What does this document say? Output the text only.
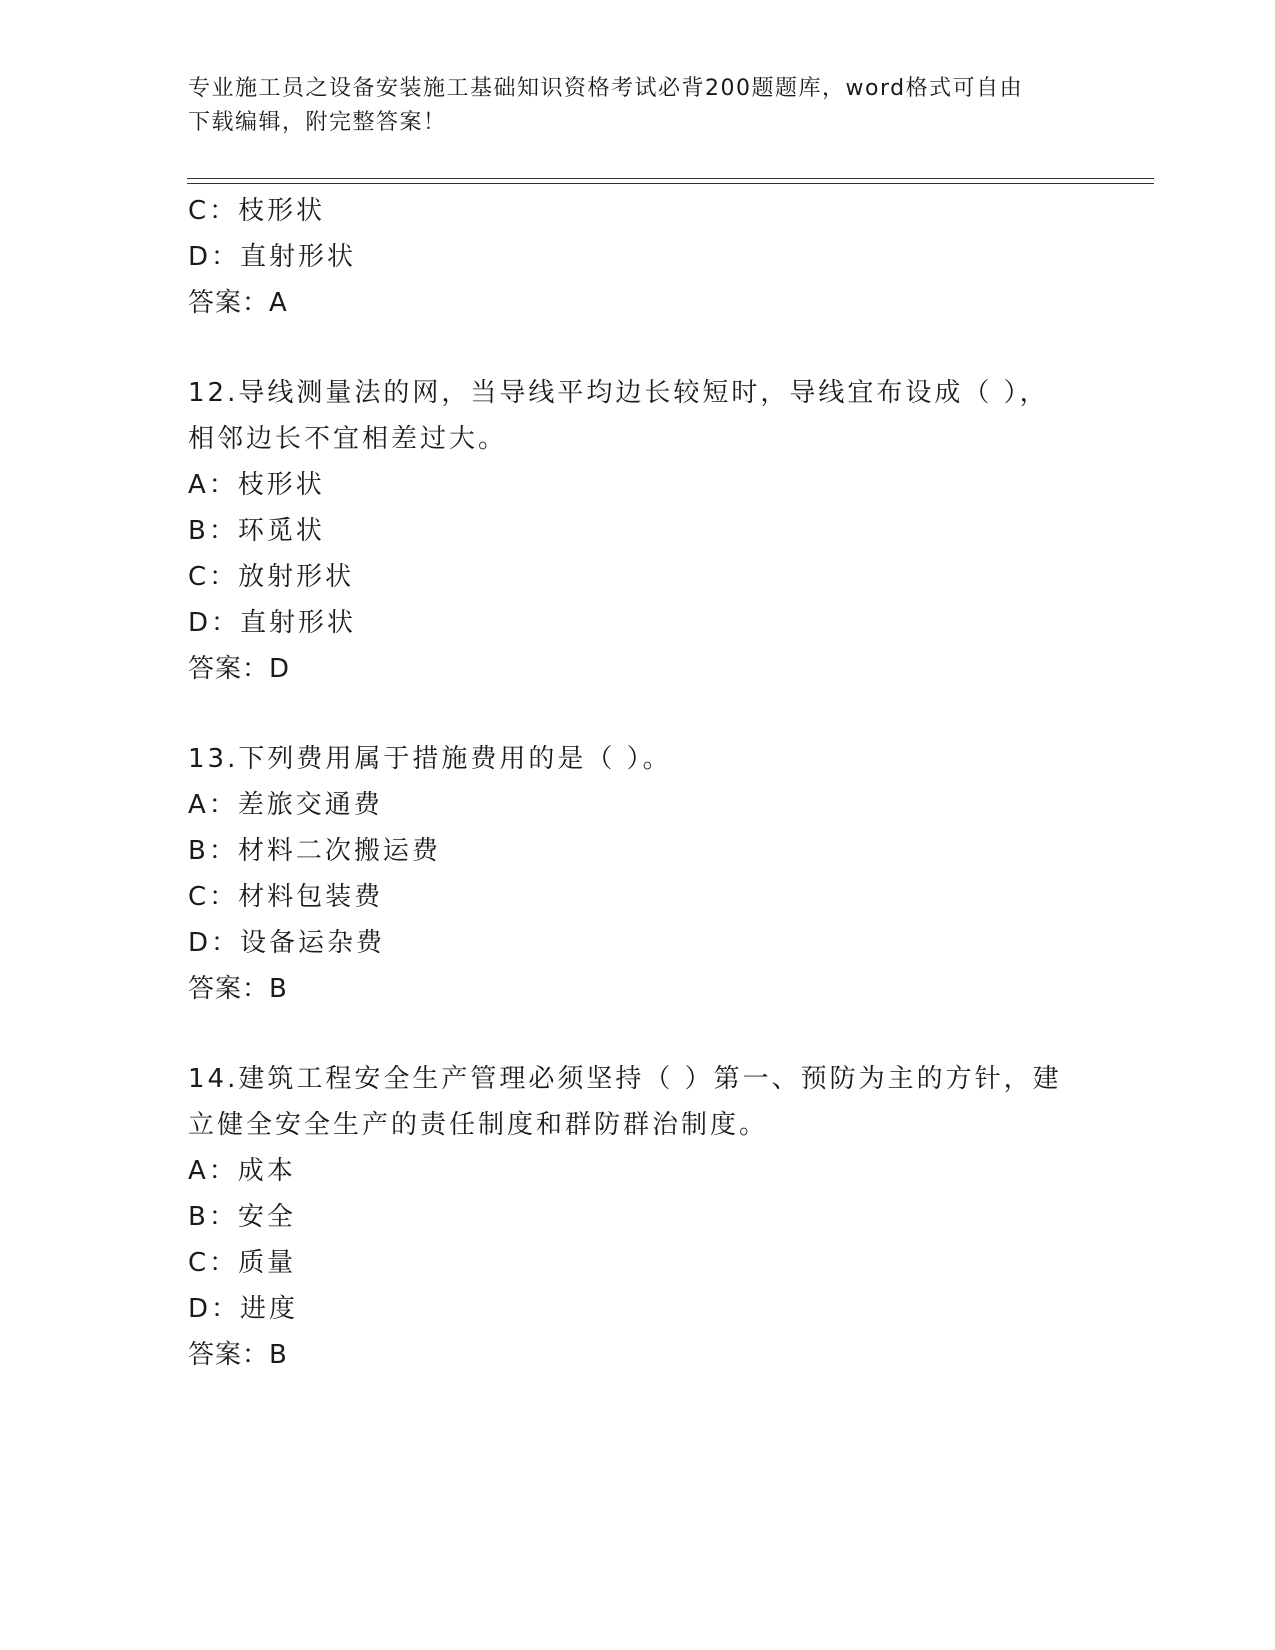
专业施工员之设备安装施工基础知识资格考试必背200题题库，word格式可自由
下载编辑，附完整答案！
C：枝形状
D：直射形状
答案：A
12.导线测量法的网，当导线平均边长较短时，导线宜布设成（ ），
相邻边长不宜相差过大。
A：枝形状
B：环觅状
C：放射形状
D：直射形状
答案：D
13.下列费用属于措施费用的是（ ）。
A：差旅交通费
B：材料二次搬运费
C：材料包装费
D：设备运杂费
答案：B
14.建筑工程安全生产管理必须坚持（ ）第一、预防为主的方针，建
立健全安全生产的责任制度和群防群治制度。
A：成本
B：安全
C：质量
D：进度
答案：B
